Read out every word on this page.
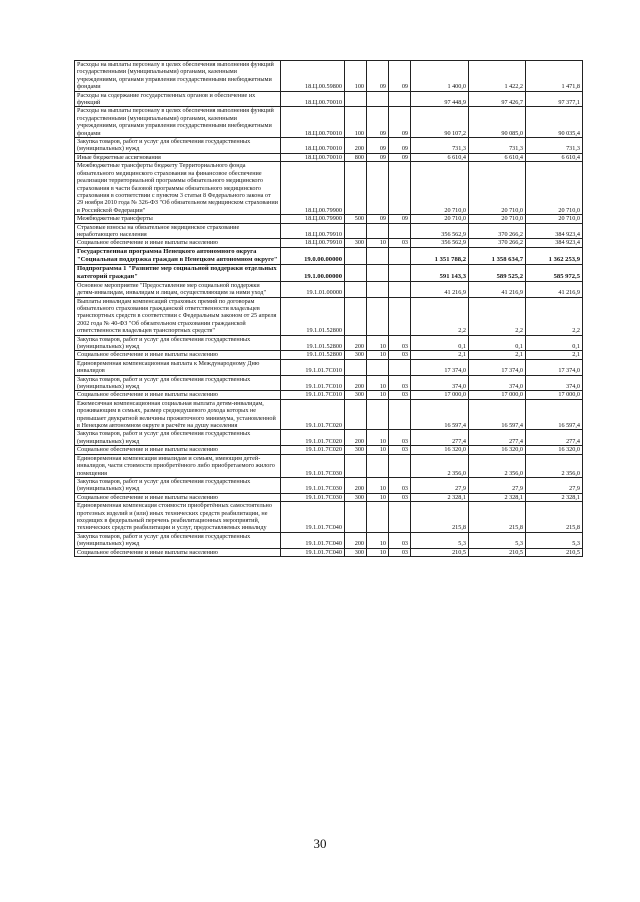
Расходы на выплаты персоналу в целях обеспечения выполнения функций государственными (муниципальными) органами, казенными учреждениями, органами управления государственными внебюджетными фондами	18.Ц.00.59800	100	09	09	1 400,0	1 422,2	1 471,8
Расходы на содержание государственных органов и обеспечение их функций	18.Ц.00.70010				97 448,9	97 426,7	97 377,1
Расходы на выплаты персоналу в целях обеспечения выполнения функций государственными (муниципальными) органами, казенными учреждениями, органами управления государственными внебюджетными фондами	18.Ц.00.70010	100	09	09	90 107,2	90 085,0	90 035,4
Закупка товаров, работ и услуг для обеспечения государственных (муниципальных) нужд	18.Ц.00.70010	200	09	09	731,3	731,3	731,3
Иные бюджетные ассигнования	18.Ц.00.70010	800	09	09	6 610,4	6 610,4	6 610,4
Межбюджетные трансферты бюджету Территориального фонда обязательного медицинского страхования на финансовое обеспечение реализации территориальной программы обязательного медицинского страхования в части базовой программы обязательного медицинского страхования в соответствии с пунктом 3 статьи 8 Федерального закона от 29 ноября 2010 года № 326-ФЗ "Об обязательном медицинском страховании в Российской Федерации"	18.Ц.00.79900				20 710,0	20 710,0	20 710,0
Межбюджетные трансферты	18.Ц.00.79900	500	09	09	20 710,0	20 710,0	20 710,0
Страховые взносы на обязательное медицинское страхование неработающего населения	18.Ц.00.79910				356 562,9	370 266,2	384 923,4
Социальное обеспечение и иные выплаты населению	18.Ц.00.79910	300	10	03	356 562,9	370 266,2	384 923,4
Государственная программа Ненецкого автономного округа "Социальная поддержка граждан в Ненецком автономном округе"	19.0.00.00000				1 351 788,2	1 358 634,7	1 362 253,9
Подпрограмма 1 "Развитие мер социальной поддержки отдельных категорий граждан"	19.1.00.00000				591 143,3	589 525,2	585 972,5
Основное мероприятие "Предоставление мер социальной поддержки детям-инвалидам, инвалидам и лицам, осуществляющим за ними уход"	19.1.01.00000				41 216,9	41 216,9	41 216,9
Выплаты инвалидам компенсаций страховых премий по договорам обязательного страхования гражданской ответственности владельцев транспортных средств в соответствии с Федеральным законом от 25 апреля 2002 года № 40-ФЗ "Об обязательном страховании гражданской ответственности владельцев транспортных средств"	19.1.01.52800				2,2	2,2	2,2
Закупка товаров, работ и услуг для обеспечения государственных (муниципальных) нужд	19.1.01.52800	200	10	03	0,1	0,1	0,1
Социальное обеспечение и иные выплаты населению	19.1.01.52800	300	10	03	2,1	2,1	2,1
Единовременная компенсационная выплата к Международному Дню инвалидов	19.1.01.7С010				17 374,0	17 374,0	17 374,0
Закупка товаров, работ и услуг для обеспечения государственных (муниципальных) нужд	19.1.01.7С010	200	10	03	374,0	374,0	374,0
Социальное обеспечение и иные выплаты населению	19.1.01.7С010	300	10	03	17 000,0	17 000,0	17 000,0
Ежемесячная компенсационная социальная выплата детям-инвалидам, проживающим в семьях, размер среднедушевого дохода которых не превышает двукратной величины прожиточного минимума, установленной в Ненецком автономном округе в расчёте на душу населения	19.1.01.7С020				16 597,4	16 597,4	16 597,4
Закупка товаров, работ и услуг для обеспечения государственных (муниципальных) нужд	19.1.01.7С020	200	10	03	277,4	277,4	277,4
Социальное обеспечение и иные выплаты населению	19.1.01.7С020	300	10	03	16 320,0	16 320,0	16 320,0
Единовременная компенсация инвалидам и семьям, имеющим детей-инвалидов, части стоимости приобретённого либо приобретаемого жилого помещения	19.1.01.7С030				2 356,0	2 356,0	2 356,0
Закупка товаров, работ и услуг для обеспечения государственных (муниципальных) нужд	19.1.01.7С030	200	10	03	27,9	27,9	27,9
Социальное обеспечение и иные выплаты населению	19.1.01.7С030	300	10	03	2 328,1	2 328,1	2 328,1
Единовременная компенсация стоимости приобретённых самостоятельно протезных изделий и (или) иных технических средств реабилитации, не входящих в федеральный перечень реабилитационных мероприятий, технических средств реабилитации и услуг, предоставляемых инвалиду	19.1.01.7С040				215,8	215,8	215,8
Закупка товаров, работ и услуг для обеспечения государственных (муниципальных) нужд	19.1.01.7С040	200	10	03	5,3	5,3	5,3
Социальное обеспечение и иные выплаты населению	19.1.01.7С040	300	10	03	210,5	210,5	210,5
30
